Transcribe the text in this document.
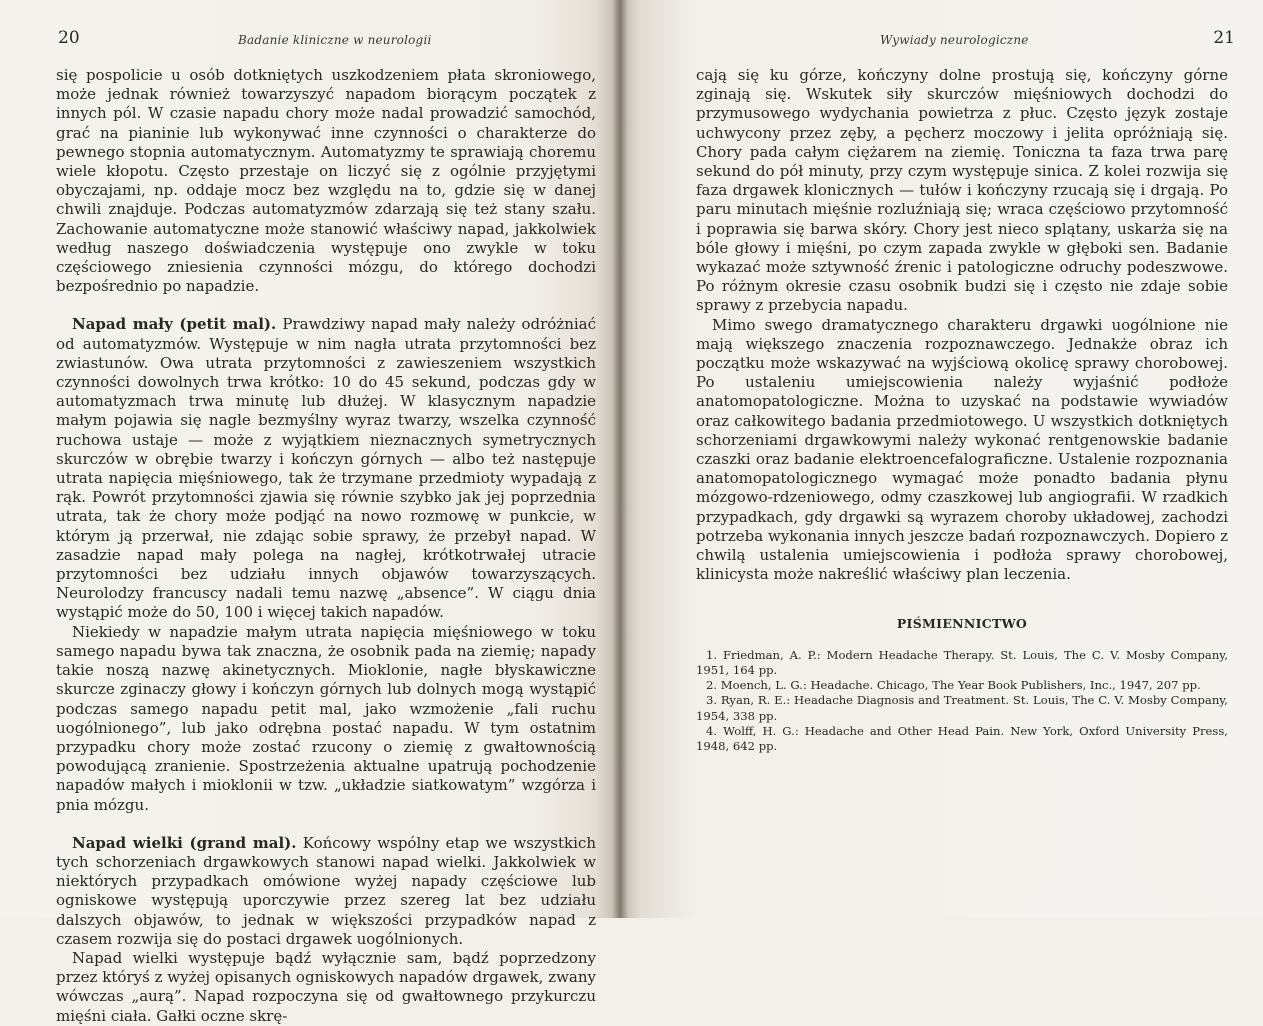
20	Badanie kliniczne w neurologii

się pospolicie u osób dotkniętych uszkodzeniem płata skroniowego, może jednak również towarzyszyć napadom biorącym początek z innych pól. W czasie napadu chory może nadal prowadzić samochód, grać na pianinie lub wykonywać inne czynności o charakterze do pewnego stopnia automatycznym. Automatyzmy te sprawiają choremu wiele kłopotu. Często przestaje on liczyć się z ogólnie przyjętymi obyczajami, np. oddaje mocz bez względu na to, gdzie się w danej chwili znajduje. Podczas automatyzmów zdarzają się też stany szału. Zachowanie automatyczne może stanowić właściwy napad, jakkolwiek według naszego doświadczenia występuje ono zwykle w toku częściowego zniesienia czynności mózgu, do którego dochodzi bezpośrednio po napadzie.

Napad mały (petit mal). Prawdziwy napad mały należy odróżniać od automatyzmów. Występuje w nim nagła utrata przytomności bez zwiastunów. Owa utrata przytomności z zawieszeniem wszystkich czynności dowolnych trwa krótko: 10 do 45 sekund, podczas gdy w automatyzmach trwa minutę lub dłużej. W klasycznym napadzie małym pojawia się nagle bezmyślny wyraz twarzy, wszelka czynność ruchowa ustaje — może z wyjątkiem nieznacznych symetrycznych skurczów w obrębie twarzy i kończyn górnych — albo też następuje utrata napięcia mięśniowego, tak że trzymane przedmioty wypadają z rąk. Powrót przytomności zjawia się równie szybko jak jej poprzednia utrata, tak że chory może podjąć na nowo rozmowę w punkcie, w którym ją przerwał, nie zdając sobie sprawy, że przebył napad. W zasadzie napad mały polega na nagłej, krótkotrwałej utracie przytomności bez udziału innych objawów towarzyszących. Neurolodzy francuscy nadali temu nazwę „absence”. W ciągu dnia wystąpić może do 50, 100 i więcej takich napadów.

Niekiedy w napadzie małym utrata napięcia mięśniowego w toku samego napadu bywa tak znaczna, że osobnik pada na ziemię; napady takie noszą nazwę akinetycznych. Mioklonie, nagłe błyskawiczne skurcze zginaczy głowy i kończyn górnych lub dolnych mogą wystąpić podczas samego napadu petit mal, jako wzmożenie „fali ruchu uogólnionego”, lub jako odrębna postać napadu. W tym ostatnim przypadku chory może zostać rzucony o ziemię z gwałtownością powodującą zranienie. Spostrzeżenia aktualne upatrują pochodzenie napadów małych i mioklonii w tzw. „układzie siatkowatym” wzgórza i pnia mózgu.

Napad wielki (grand mal). Końcowy wspólny etap we wszystkich tych schorzeniach drgawkowych stanowi napad wielki. Jakkolwiek w niektórych przypadkach omówione wyżej napady częściowe lub ogniskowe występują uporczywie przez szereg lat bez udziału dalszych objawów, to jednak w większości przypadków napad z czasem rozwija się do postaci drgawek uogólnionych.

Napad wielki występuje bądź wyłącznie sam, bądź poprzedzony przez któryś z wyżej opisanych ogniskowych napadów drgawek, zwany wówczas „aurą”. Napad rozpoczyna się od gwałtownego przykurczu mięśni ciała. Gałki oczne skrę-

Wywiady neurologiczne	21

cają się ku górze, kończyny dolne prostują się, kończyny górne zginają się. Wskutek siły skurczów mięśniowych dochodzi do przymusowego wydychania powietrza z płuc. Często język zostaje uchwycony przez zęby, a pęcherz moczowy i jelita opróżniają się. Chory pada całym ciężarem na ziemię. Toniczna ta faza trwa parę sekund do pół minuty, przy czym występuje sinica. Z kolei rozwija się faza drgawek klonicznych — tułów i kończyny rzucają się i drgają. Po paru minutach mięśnie rozluźniają się; wraca częściowo przytomność i poprawia się barwa skóry. Chory jest nieco splątany, uskarża się na bóle głowy i mięśni, po czym zapada zwykle w głęboki sen. Badanie wykazać może sztywność źrenic i patologiczne odruchy podeszwowe. Po różnym okresie czasu osobnik budzi się i często nie zdaje sobie sprawy z przebycia napadu.

Mimo swego dramatycznego charakteru drgawki uogólnione nie mają większego znaczenia rozpoznawczego. Jednakże obraz ich początku może wskazywać na wyjściową okolicę sprawy chorobowej. Po ustaleniu umiejscowienia należy wyjaśnić podłoże anatomopatologiczne. Można to uzyskać na podstawie wywiadów oraz całkowitego badania przedmiotowego. U wszystkich dotkniętych schorzeniami drgawkowymi należy wykonać rentgenowskie badanie czaszki oraz badanie elektroencefalograficzne. Ustalenie rozpoznania anatomopatologicznego wymagać może ponadto badania płynu mózgowo-rdzeniowego, odmy czaszkowej lub angiografii. W rzadkich przypadkach, gdy drgawki są wyrazem choroby układowej, zachodzi potrzeba wykonania innych jeszcze badań rozpoznawczych. Dopiero z chwilą ustalenia umiejscowienia i podłoża sprawy chorobowej, klinicysta może nakreślić właściwy plan leczenia.

PIŚMIENNICTWO
1. Friedman, A. P.: Modern Headache Therapy. St. Louis, The C. V. Mosby Company, 1951, 164 pp.
2. Moench, L. G.: Headache. Chicago, The Year Book Publishers, Inc., 1947, 207 pp.
3. Ryan, R. E.: Headache Diagnosis and Treatment. St. Louis, The C. V. Mosby Company, 1954, 338 pp.
4. Wolff, H. G.: Headache and Other Head Pain. New York, Oxford University Press, 1948, 642 pp.
